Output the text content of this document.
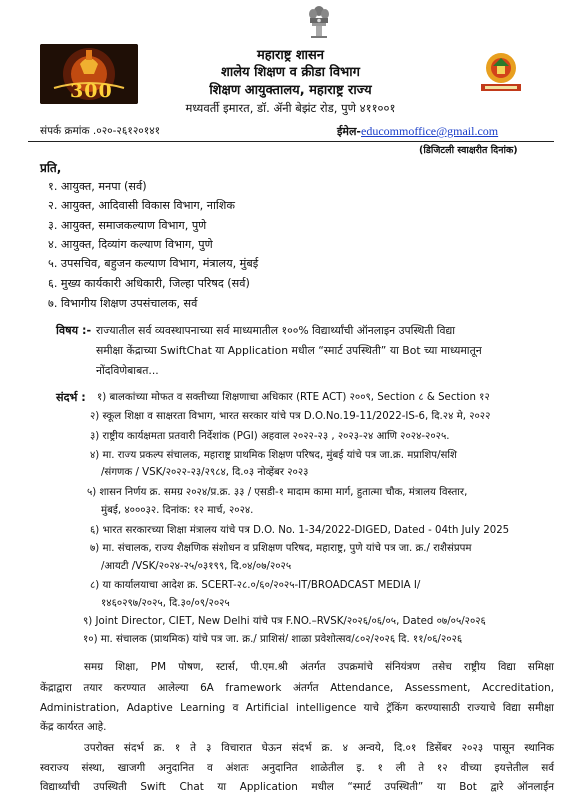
300
महाराष्ट्र शासन
शालेय शिक्षण व क्रीडा विभाग
शिक्षण आयुक्तालय, महाराष्ट्र राज्य
मध्यवर्ती इमारत, डॉ. ॲनी बेझंट रोड, पुणे ४११००१
संपर्क क्रमांक .०२०-२६१२०१४१	ईमेल-educommoffice@gmail.com
(डिजिटली स्वाक्षरीत दिनांक)
प्रति,
१. आयुक्त, मनपा (सर्व)
२. आयुक्त, आदिवासी विकास विभाग, नाशिक
३. आयुक्त, समाजकल्याण विभाग, पुणे
४. आयुक्त, दिव्यांग कल्याण विभाग, पुणे
५. उपसचिव, बहुजन कल्याण विभाग, मंत्रालय, मुंबई
६. मुख्य कार्यकारी अधिकारी, जिल्हा परिषद (सर्व)
७. विभागीय शिक्षण उपसंचालक, सर्व
विषय :- राज्यातील सर्व व्यवस्थापनाच्या सर्व माध्यमातील १००% विद्यार्थ्यांची ऑनलाइन उपस्थिती विद्या
समीक्षा केंद्राच्या SwiftChat या Application मधील “स्मार्ट उपस्थिती” या Bot च्या माध्यमातून
नोंदविणेबाबत...
संदर्भ : १) बालकांच्या मोफत व सक्तीच्या शिक्षणाचा अधिकार (RTE ACT) २००९, Section ८ & Section १२
२) स्कूल शिक्षा व साक्षरता विभाग, भारत सरकार यांचे पत्र D.O.No.19-11/2022-IS-6, दि.२४ मे, २०२२
३) राष्ट्रीय कार्यक्षमता प्रतवारी निर्देशांक (PGI) अहवाल २०२२-२३ , २०२३-२४ आणि २०२४-२०२५.
४) मा. राज्य प्रकल्प संचालक, महाराष्ट्र प्राथमिक शिक्षण परिषद, मुंबई यांचे पत्र जा.क्र. मप्राशिप/सशि
/संगणक / VSK/२०२२-२३/२९८४, दि.०३ नोव्हेंबर २०२३
५) शासन निर्णय क्र. समग्र २०२४/प्र.क्र. ३३ / एसडी-१ मादाम कामा मार्ग, हुतात्मा चौक, मंत्रालय विस्तार,
मुंबई, ४०००३२. दिनांक: १२ मार्च, २०२४.
६) भारत सरकारच्या शिक्षा मंत्रालय यांचे पत्र D.O. No. 1-34/2022-DIGED, Dated - 04th July 2025
७) मा. संचालक, राज्य शैक्षणिक संशोधन व प्रशिक्षण परिषद, महाराष्ट्र, पुणे यांचे पत्र जा. क्र./ राशैसंप्रपम
/आयटी /VSK/२०२४-२५/०३१९९, दि.०४/०७/२०२५
८) या कार्यालयाचा आदेश क्र. SCERT-२८.०/६०/२०२५-IT/BROADCAST MEDIA I/
१४६०२९७/२०२५, दि.३०/०९/२०२५
९) Joint Director, CIET, New Delhi यांचे पत्र F.NO.–RVSK/२०२६/०६/०५, Dated ०७/०५/२०२६
१०) मा. संचालक (प्राथमिक) यांचे पत्र जा. क्र./ प्राशिसं/ शाळा प्रवेशोत्सव/८०२/२०२६ दि. ११/०६/२०२६
समग्र शिक्षा, PM पोषण, स्टार्स, पी.एम.श्री अंतर्गत उपक्रमांचे संनियंत्रण तसेच राष्ट्रीय विद्या समिक्षा
केंद्राद्वारा तयार करण्यात आलेल्या 6A framework अंतर्गत Attendance, Assessment, Accreditation,
Administration, Adaptive Learning व Artificial intelligence याचे ट्रॅकिंग करण्यासाठी राज्याचे विद्या समीक्षा
केंद्र कार्यरत आहे.
उपरोक्त संदर्भ क्र. १ ते ३ विचारात घेऊन संदर्भ क्र. ४ अन्वये, दि.०१ डिसेंबर २०२३ पासून स्थानिक
स्वराज्य संस्था, खाजगी अनुदानित व अंशतः अनुदानित शाळेतील इ. १ ली ते १२ वीच्या इयत्तेतील सर्व
विद्यार्थ्यांची उपस्थिती Swift Chat या Application मधील “स्मार्ट उपस्थिती” या Bot द्वारे ऑनलाईन
